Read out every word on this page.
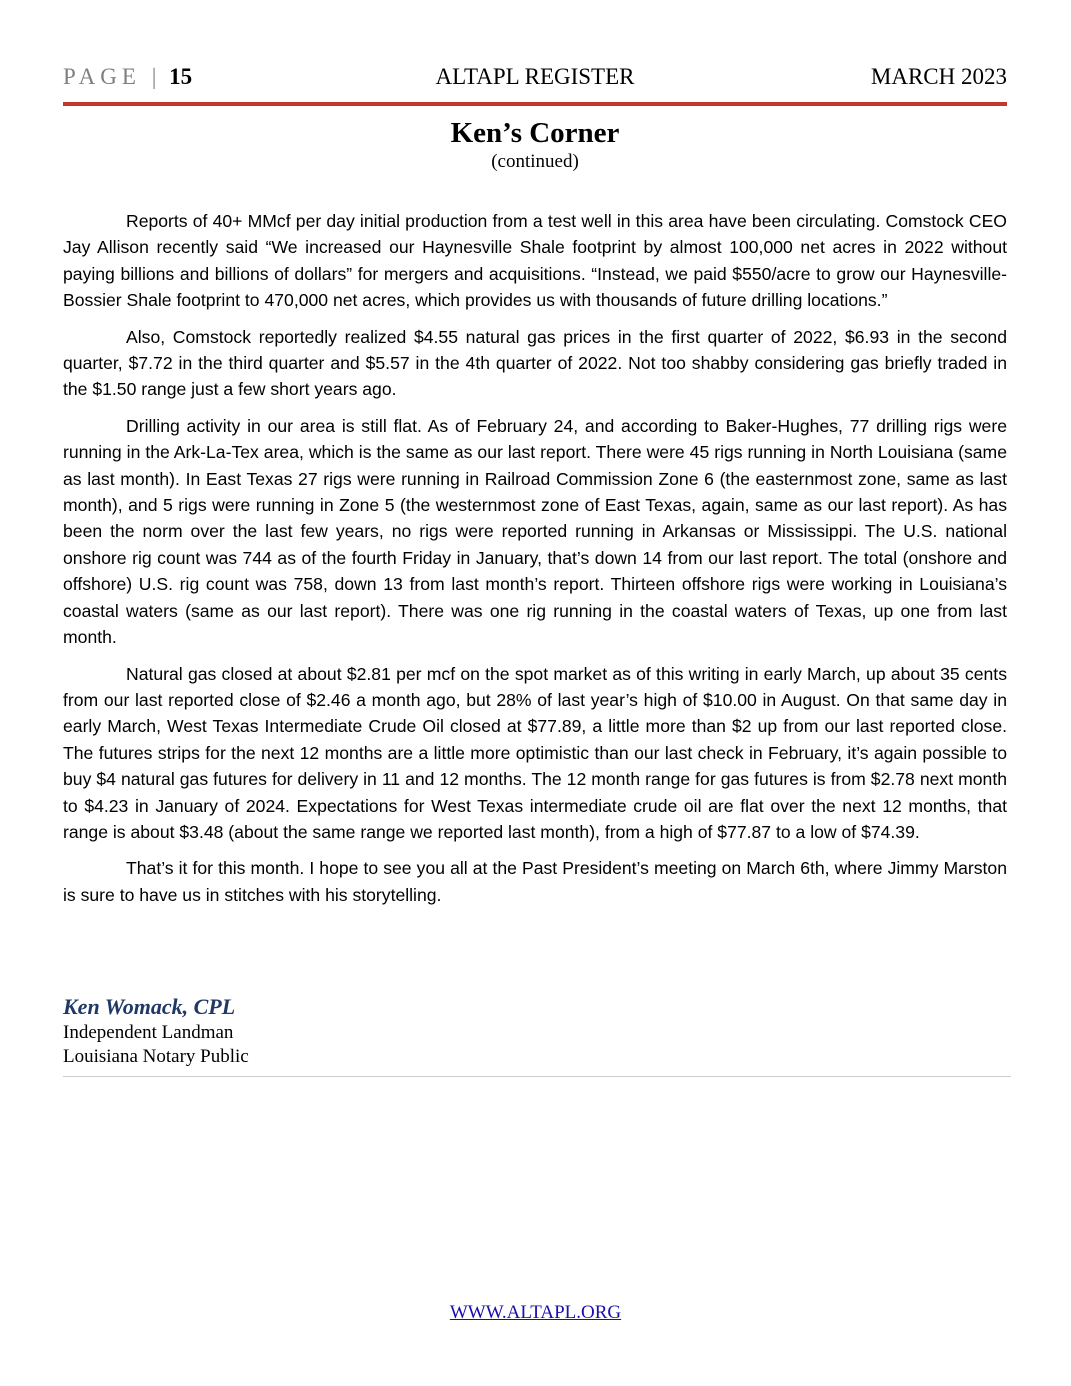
PAGE | 15	ALTAPL REGISTER	MARCH 2023
Ken’s Corner
(continued)

Reports of 40+ MMcf per day initial production from a test well in this area have been circulating. Comstock CEO Jay Allison recently said “We increased our Haynesville Shale footprint by almost 100,000 net acres in 2022 without paying billions and billions of dollars” for mergers and acquisitions. “Instead, we paid $550/acre to grow our Haynesville-Bossier Shale footprint to 470,000 net acres, which provides us with thousands of future drilling locations.”

Also, Comstock reportedly realized $4.55 natural gas prices in the first quarter of 2022, $6.93 in the second quarter, $7.72 in the third quarter and $5.57 in the 4th quarter of 2022. Not too shabby considering gas briefly traded in the $1.50 range just a few short years ago.

Drilling activity in our area is still flat. As of February 24, and according to Baker-Hughes, 77 drilling rigs were running in the Ark-La-Tex area, which is the same as our last report. There were 45 rigs running in North Louisiana (same as last month). In East Texas 27 rigs were running in Railroad Commission Zone 6 (the easternmost zone, same as last month), and 5 rigs were running in Zone 5 (the westernmost zone of East Texas, again, same as our last report). As has been the norm over the last few years, no rigs were reported running in Arkansas or Mississippi. The U.S. national onshore rig count was 744 as of the fourth Friday in January, that’s down 14 from our last report. The total (onshore and offshore) U.S. rig count was 758, down 13 from last month’s report. Thirteen offshore rigs were working in Louisiana’s coastal waters (same as our last report). There was one rig running in the coastal waters of Texas, up one from last month.

Natural gas closed at about $2.81 per mcf on the spot market as of this writing in early March, up about 35 cents from our last reported close of $2.46 a month ago, but 28% of last year’s high of $10.00 in August. On that same day in early March, West Texas Intermediate Crude Oil closed at $77.89, a little more than $2 up from our last reported close. The futures strips for the next 12 months are a little more optimistic than our last check in February, it’s again possible to buy $4 natural gas futures for delivery in 11 and 12 months. The 12 month range for gas futures is from $2.78 next month to $4.23 in January of 2024. Expectations for West Texas intermediate crude oil are flat over the next 12 months, that range is about $3.48 (about the same range we reported last month), from a high of $77.87 to a low of $74.39.

That’s it for this month. I hope to see you all at the Past President’s meeting on March 6th, where Jimmy Marston is sure to have us in stitches with his storytelling.

Ken Womack, CPL
Independent Landman
Louisiana Notary Public
WWW.ALTAPL.ORG
